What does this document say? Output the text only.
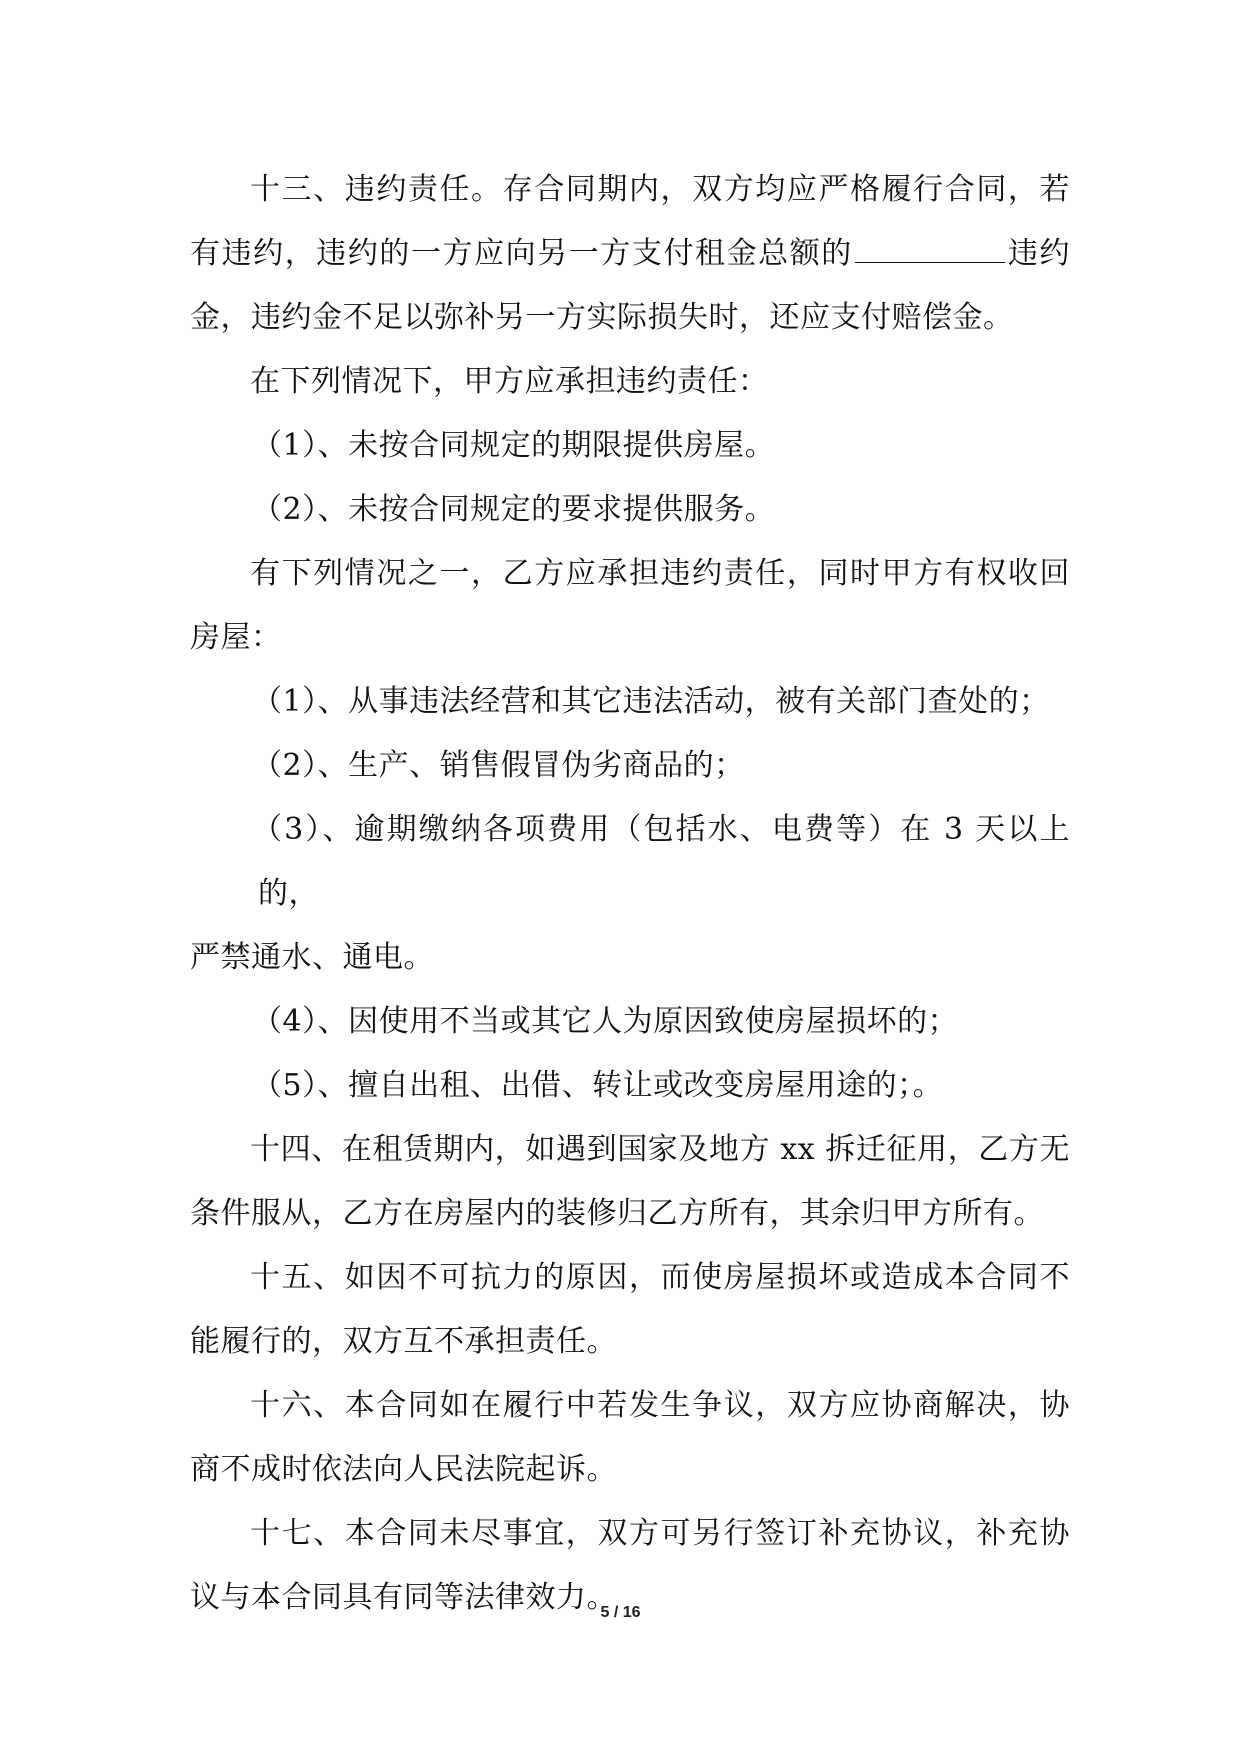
十三、违约责任。存合同期内，双方均应严格履行合同，若有违约，违约的一方应向另一方支付租金总额的	违约金，违约金不足以弥补另一方实际损失时，还应支付赔偿金。

在下列情况下，甲方应承担违约责任：

（1）、未按合同规定的期限提供房屋。

（2）、未按合同规定的要求提供服务。

有下列情况之一，乙方应承担违约责任，同时甲方有权收回房屋：

（1）、从事违法经营和其它违法活动，被有关部门查处的；

（2）、生产、销售假冒伪劣商品的；

（3）、逾期缴纳各项费用（包括水、电费等）在 3 天以上的，

严禁通水、通电。

（4）、因使用不当或其它人为原因致使房屋损坏的；

（5）、擅自出租、出借、转让或改变房屋用途的；。

十四、在租赁期内，如遇到国家及地方 xx 拆迁征用，乙方无条件服从，乙方在房屋内的装修归乙方所有，其余归甲方所有。

十五、如因不可抗力的原因，而使房屋损坏或造成本合同不能履行的，双方互不承担责任。

十六、本合同如在履行中若发生争议，双方应协商解决，协商不成时依法向人民法院起诉。

十七、本合同未尽事宜，双方可另行签订补充协议，补充协议与本合同具有同等法律效力。

5 / 16
